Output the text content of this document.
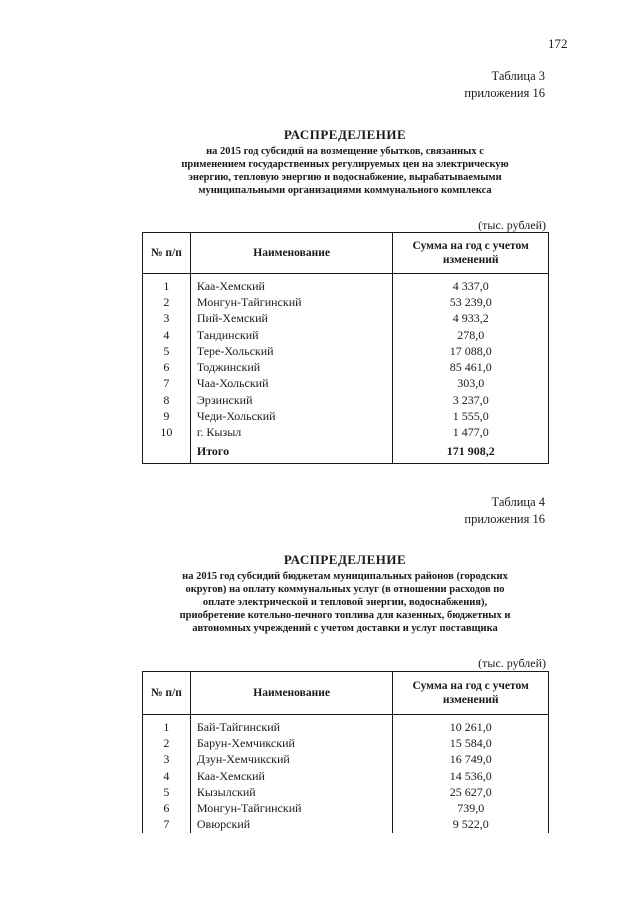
172
Таблица 3
приложения 16
РАСПРЕДЕЛЕНИЕ
на 2015 год субсидий на возмещение убытков, связанных с
применением государственных регулируемых цен на электрическую
энергию, тепловую энергию и водоснабжение, вырабатываемыми
муниципальными организациями коммунального комплекса
(тыс. рублей)
№ п/п	Наименование	Сумма на год с учетом изменений
1	Каа-Хемский	4 337,0
2	Монгун-Тайгинский	53 239,0
3	Пий-Хемский	4 933,2
4	Тандинский	278,0
5	Тере-Хольский	17 088,0
6	Тоджинский	85 461,0
7	Чаа-Хольский	303,0
8	Эрзинский	3 237,0
9	Чеди-Хольский	1 555,0
10	г. Кызыл	1 477,0
	Итого	171 908,2
Таблица 4
приложения 16
РАСПРЕДЕЛЕНИЕ
на 2015 год субсидий бюджетам муниципальных районов (городских
округов) на оплату коммунальных услуг (в отношении расходов по
оплате электрической и тепловой энергии, водоснабжения),
приобретение котельно-печного топлива для казенных, бюджетных и
автономных учреждений с учетом доставки и услуг поставщика
(тыс. рублей)
№ п/п	Наименование	Сумма на год с учетом изменений
1	Бай-Тайгинский	10 261,0
2	Барун-Хемчикский	15 584,0
3	Дзун-Хемчикский	16 749,0
4	Каа-Хемский	14 536,0
5	Кызылский	25 627,0
6	Монгун-Тайгинский	739,0
7	Овюрский	9 522,0
